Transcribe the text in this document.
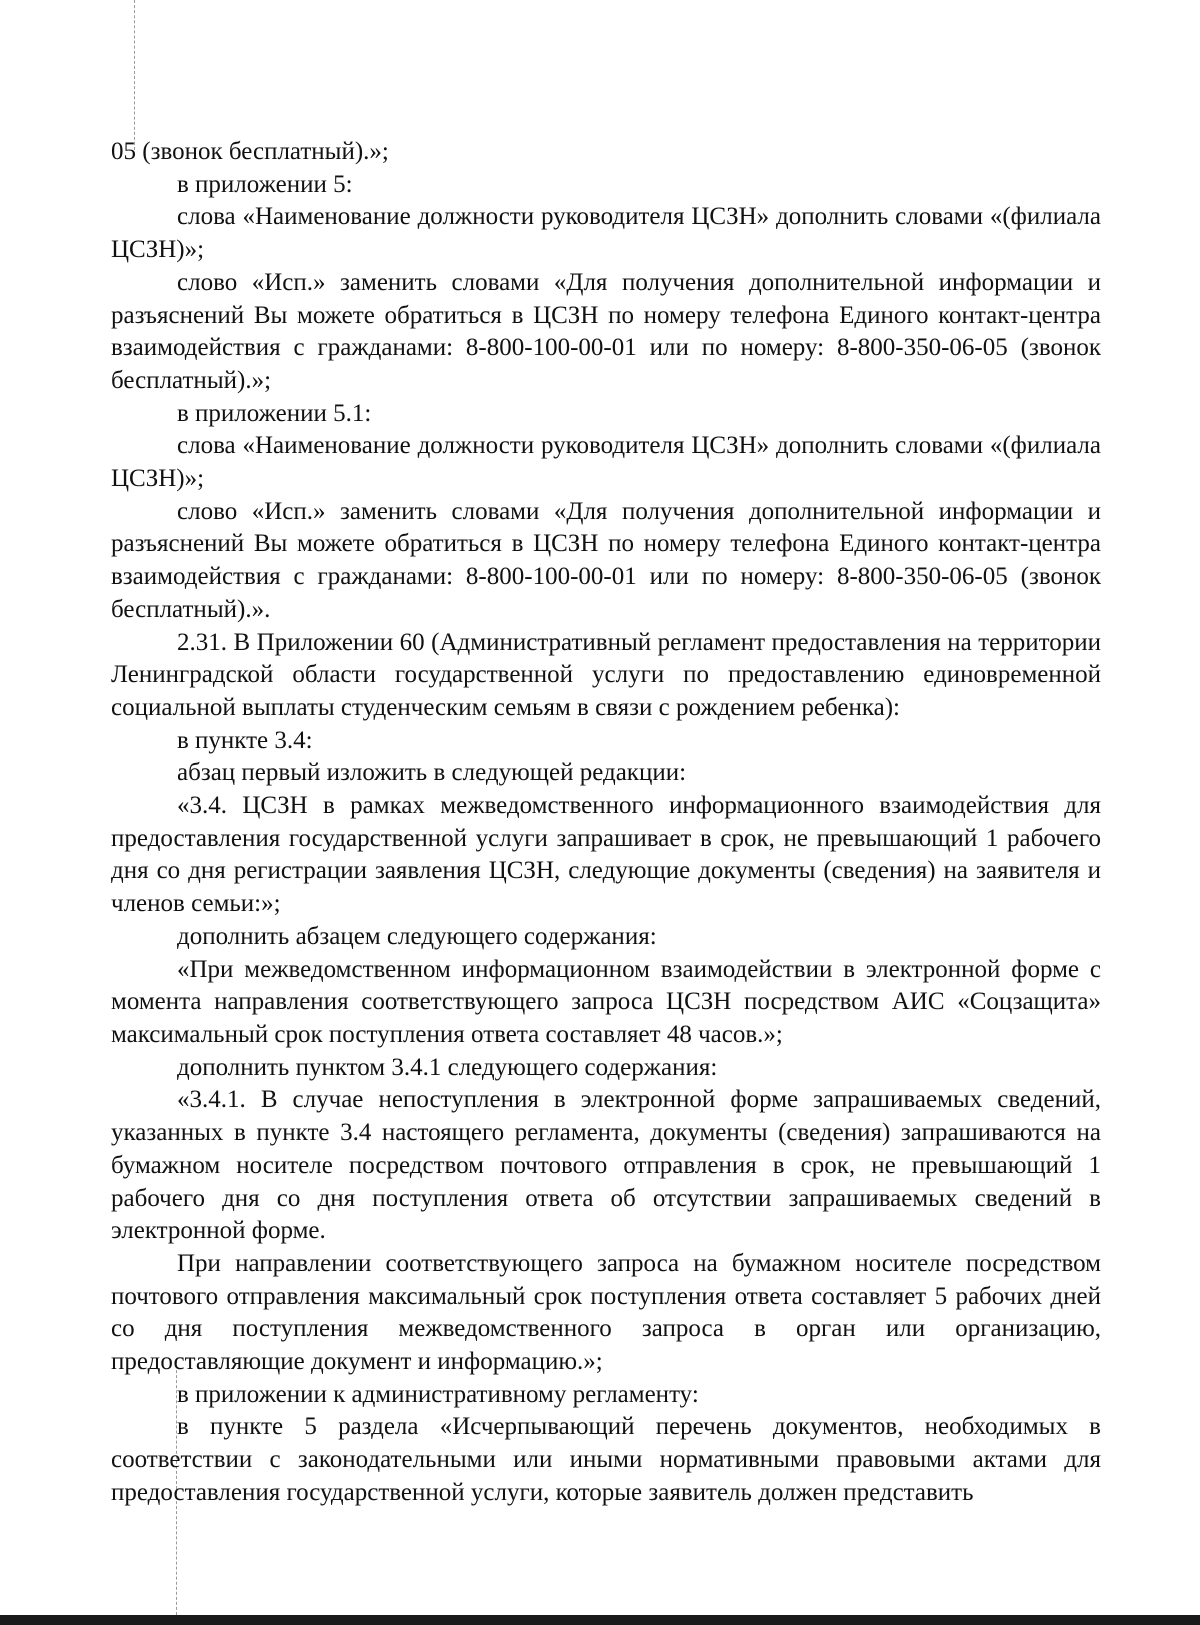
05 (звонок бесплатный).»;

в приложении 5:

слова «Наименование должности руководителя ЦСЗН» дополнить словами «(филиала ЦСЗН)»;

слово «Исп.» заменить словами «Для получения дополнительной информации и разъяснений Вы можете обратиться в ЦСЗН по номеру телефона Единого контакт-центра взаимодействия с гражданами: 8-800-100-00-01 или по номеру: 8-800-350-06-05 (звонок бесплатный).»;

в приложении 5.1:

слова «Наименование должности руководителя ЦСЗН» дополнить словами «(филиала ЦСЗН)»;

слово «Исп.» заменить словами «Для получения дополнительной информации и разъяснений Вы можете обратиться в ЦСЗН по номеру телефона Единого контакт-центра взаимодействия с гражданами: 8-800-100-00-01 или по номеру: 8-800-350-06-05 (звонок бесплатный).».

2.31. В Приложении 60 (Административный регламент предоставления на территории Ленинградской области государственной услуги по предоставлению единовременной социальной выплаты студенческим семьям в связи с рождением ребенка):

в пункте 3.4:

абзац первый изложить в следующей редакции:

«3.4. ЦСЗН в рамках межведомственного информационного взаимодействия для предоставления государственной услуги запрашивает в срок, не превышающий 1 рабочего дня со дня регистрации заявления ЦСЗН, следующие документы (сведения) на заявителя и членов семьи:»;

дополнить абзацем следующего содержания:

«При межведомственном информационном взаимодействии в электронной форме с момента направления соответствующего запроса ЦСЗН посредством АИС «Соцзащита» максимальный срок поступления ответа составляет 48 часов.»;

дополнить пунктом 3.4.1 следующего содержания:

«3.4.1. В случае непоступления в электронной форме запрашиваемых сведений, указанных в пункте 3.4 настоящего регламента, документы (сведения) запрашиваются на бумажном носителе посредством почтового отправления в срок, не превышающий 1 рабочего дня со дня поступления ответа об отсутствии запрашиваемых сведений в электронной форме.

При направлении соответствующего запроса на бумажном носителе посредством почтового отправления максимальный срок поступления ответа составляет 5 рабочих дней со дня поступления межведомственного запроса в орган или организацию, предоставляющие документ и информацию.»;

в приложении к административному регламенту:

в пункте 5 раздела «Исчерпывающий перечень документов, необходимых в соответствии с законодательными или иными нормативными правовыми актами для предоставления государственной услуги, которые заявитель должен представить
